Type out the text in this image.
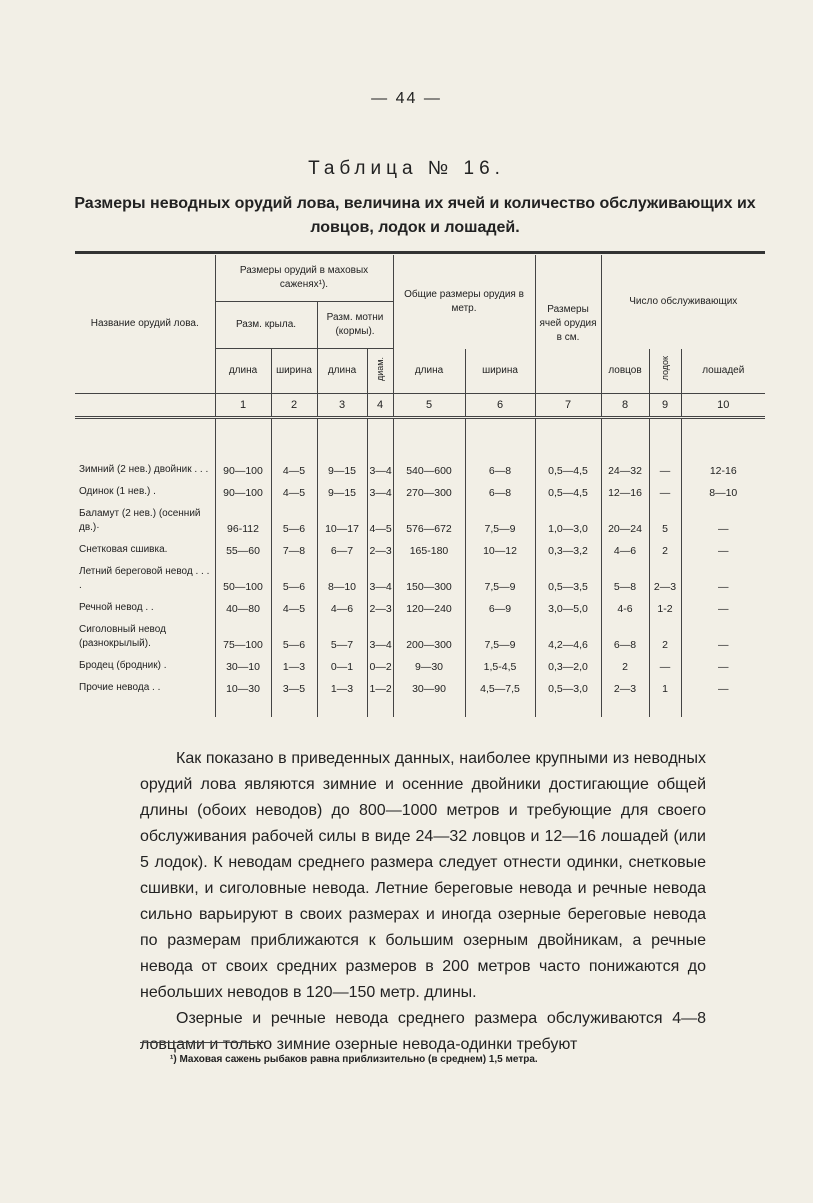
— 44 —
Таблица № 16.
Размеры неводных орудий лова, величина их ячей и количество обслуживающих их ловцов, лодок и лошадей.
Название орудий лова.	Размеры орудий в маховых саженях¹).				Общие размеры орудия в метр.		Размеры ячей орудия в см.	Число обслуживающих		
	Разм. крыла.		Разм. мотни (кормы).							
	длина	ширина	длина	диам.	длина	ширина		ловцов	лодок	лошадей
	1	2	3	4	5	6	7	8	9	10

Зимний (2 нев.) двойник . . .	90—100	4—5	9—15	3—4	540—600	6—8	0,5—4,5	24—32	—	12-16
Одинок (1 нев.) .	90—100	4—5	9—15	3—4	270—300	6—8	0,5—4,5	12—16	—	8—10
Баламут (2 нев.) (осенний дв.)·	96-112	5—6	10—17	4—5	576—672	7,5—9	1,0—3,0	20—24	5	—
Снетковая сшивка.	55—60	7—8	6—7	2—3	165-180	10—12	0,3—3,2	4—6	2	—
Летний береговой невод . . . .	50—100	5—6	8—10	3—4	150—300	7,5—9	0,5—3,5	5—8	2—3	—
Речной невод . .	40—80	4—5	4—6	2—3	120—240	6—9	3,0—5,0	4-6	1-2	—
Сиголовный невод (разнокрылый).	75—100	5—6	5—7	3—4	200—300	7,5—9	4,2—4,6	6—8	2	—
Бродец (бродник) .	30—10	1—3	0—1	0—2	9—30	1,5-4,5	0,3—2,0	2	—	—
Прочие невода . .	10—30	3—5	1—3	1—2	30—90	4,5—7,5	0,5—3,0	2—3	1	—

Как показано в приведенных данных, наиболее крупными из неводных орудий лова являются зимние и осенние двойники достигающие общей длины (обоих неводов) до 800—1000 метров и требующие для своего обслуживания рабочей силы в виде 24—32 ловцов и 12—16 лошадей (или 5 лодок). К неводам среднего размера следует отнести одинки, снетковые сшивки, и сиголовные невода. Летние береговые невода и речные невода сильно варьируют в своих размерах и иногда озерные береговые невода по размерам приближаются к большим озерным двойникам, а речные невода от своих средних размеров в 200 метров часто понижаются до небольших неводов в 120—150 метр. длины.

Озерные и речные невода среднего размера обслуживаются 4—8 ловцами и только зимние озерные невода-одинки требуют

¹) Маховая сажень рыбаков равна приблизительно (в среднем) 1,5 метра.
